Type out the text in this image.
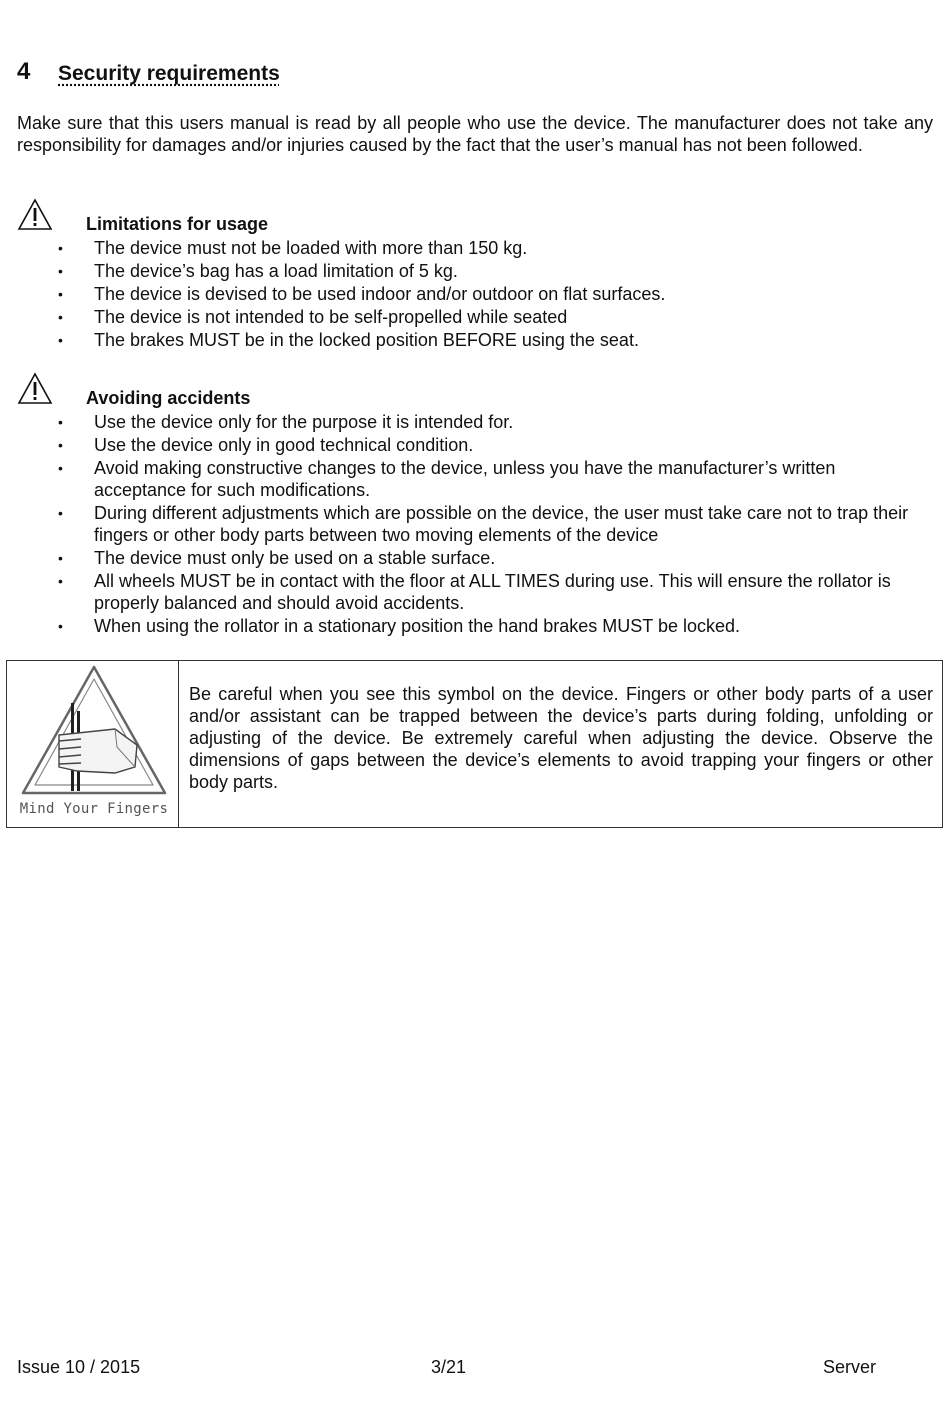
4 Security requirements

Make sure that this users manual is read by all people who use the device. The manufacturer does not take any responsibility for damages and/or injuries caused by the fact that the user’s manual has not been followed.

Limitations for usage
• The device must not be loaded with more than 150 kg.
• The device’s bag has a load limitation of 5 kg.
• The device is devised to be used indoor and/or outdoor on flat surfaces.
• The device is not intended to be self-propelled while seated
• The brakes MUST be in the locked position BEFORE using the seat.
Avoiding accidents
• Use the device only for the purpose it is intended for.
• Use the device only in good technical condition.
• Avoid making constructive changes to the device, unless you have the manufacturer’s written acceptance for such modifications.
• During different adjustments which are possible on the device, the user must take care not to trap their fingers or other body parts between two moving elements of the device
• The device must only be used on a stable surface.
• All wheels MUST be in contact with the floor at ALL TIMES during use. This will ensure the rollator is properly balanced and should avoid accidents.
• When using the rollator in a stationary position the hand brakes MUST be locked.
Mind Your Fingers

Be careful when you see this symbol on the device. Fingers or other body parts of a user and/or assistant can be trapped between the device’s parts during folding, unfolding or adjusting of the device. Be extremely careful when adjusting the device. Observe the dimensions of gaps between the device’s elements to avoid trapping your fingers or other body parts.

Issue 10 / 2015	3/21	Server
